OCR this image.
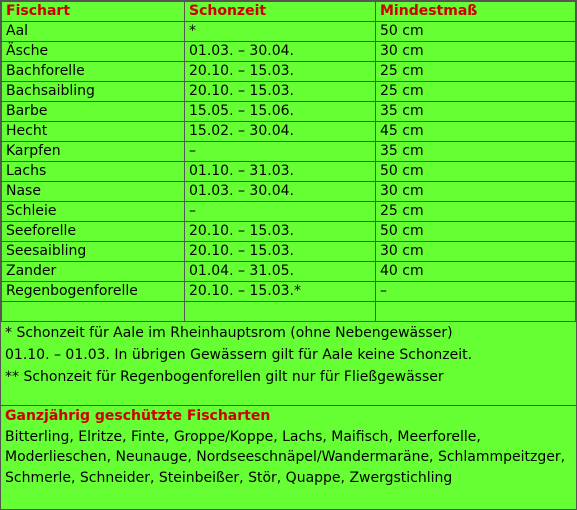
Fischart	Schonzeit	Mindestmaß
Aal	*	50 cm
Äsche	01.03. – 30.04.	30 cm
Bachforelle	20.10. – 15.03.	25 cm
Bachsaibling	20.10. – 15.03.	25 cm
Barbe	15.05. – 15.06.	35 cm
Hecht	15.02. – 30.04.	45 cm
Karpfen	–	35 cm
Lachs	01.10. – 31.03.	50 cm
Nase	01.03. – 30.04.	30 cm
Schleie	–	25 cm
Seeforelle	20.10. – 15.03.	50 cm
Seesaibling	20.10. – 15.03.	30 cm
Zander	01.04. – 31.05.	40 cm
Regenbogenforelle	20.10. – 15.03.*	–

* Schonzeit für Aale im Rheinhauptsrom (ohne Nebengewässer)
01.10. – 01.03. In übrigen Gewässern gilt für Aale keine Schonzeit.
** Schonzeit für Regenbogenforellen gilt nur für Fließgewässer
Ganzjährig geschützte Fischarten
Bitterling, Elritze, Finte, Groppe/Koppe, Lachs, Maifisch, Meerforelle, Moderlieschen, Neunauge, Nordseeschnäpel/Wandermaräne, Schlammpeitzger, Schmerle, Schneider, Steinbeißer, Stör, Quappe, Zwergstichling
